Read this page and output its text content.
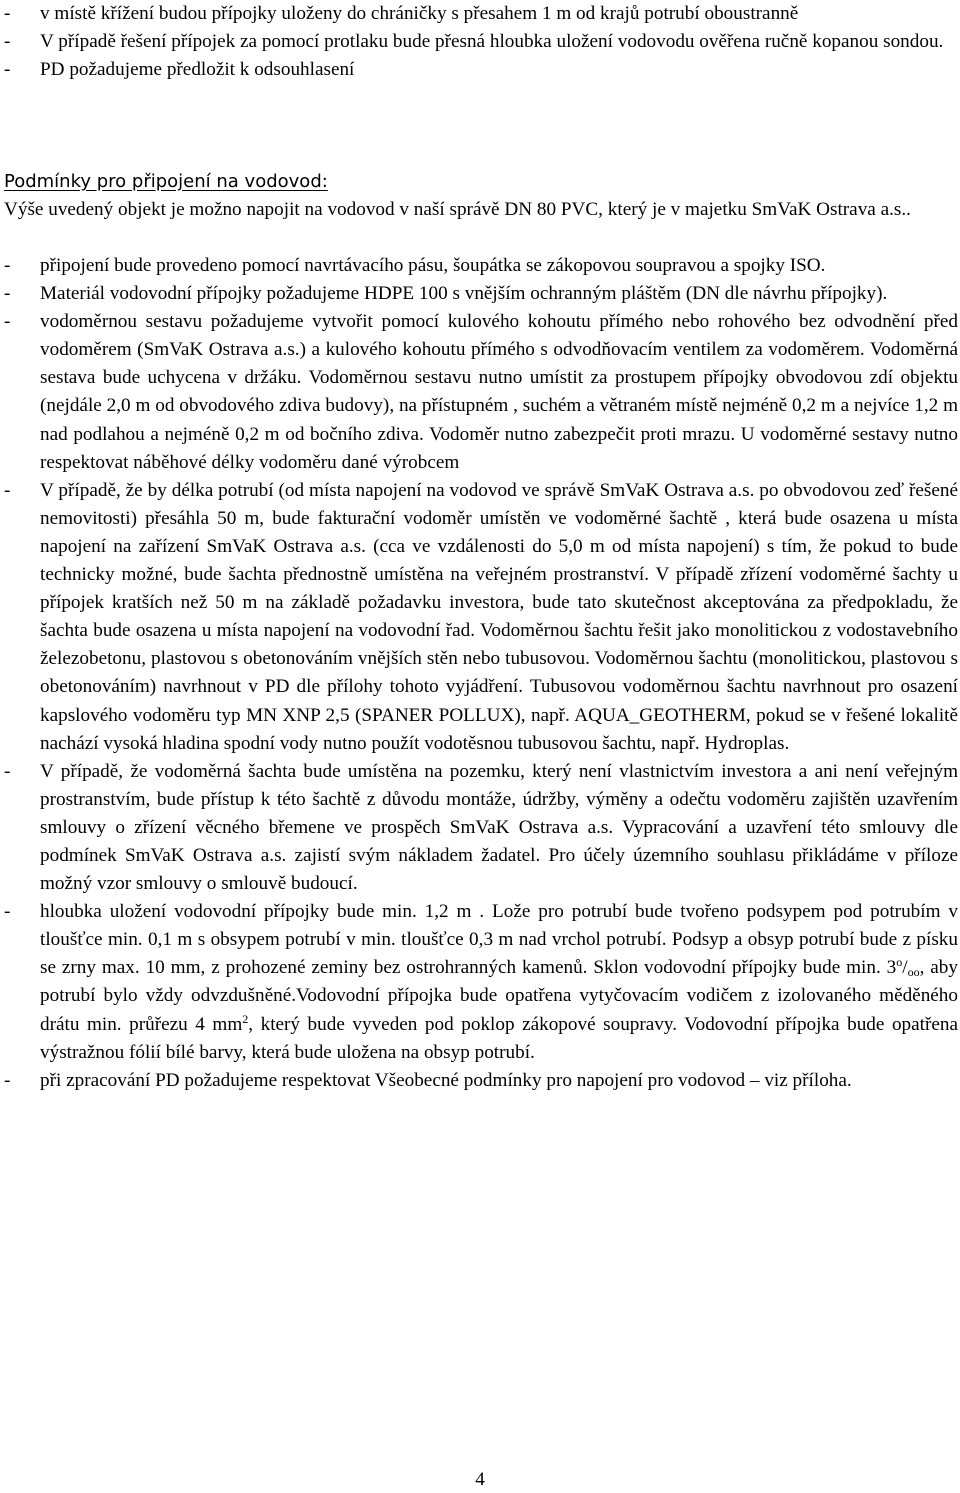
- v místě křížení budou přípojky uloženy do chráničky s přesahem 1 m od krajů potrubí oboustranně
- V případě řešení přípojek za pomocí protlaku bude přesná hloubka uložení vodovodu ověřena ručně kopanou sondou.
- PD požadujeme předložit k odsouhlasení
Podmínky pro připojení na vodovod:
Výše uvedený objekt je možno napojit na vodovod v naší správě DN 80 PVC, který je v majetku SmVaK Ostrava a.s..
- připojení bude provedeno pomocí navrtávacího pásu, šoupátka se zákopovou soupravou a spojky ISO.
- Materiál vodovodní přípojky požadujeme HDPE 100 s vnějším ochranným pláštěm (DN dle návrhu přípojky).
- vodoměrnou sestavu požadujeme vytvořit pomocí kulového kohoutu přímého nebo rohového bez odvodnění před vodoměrem (SmVaK Ostrava a.s.) a kulového kohoutu přímého s odvodňovacím ventilem za vodoměrem. Vodoměrná sestava bude uchycena v držáku. Vodoměrnou sestavu nutno umístit za prostupem přípojky obvodovou zdí objektu (nejdále 2,0 m od obvodového zdiva budovy), na přístupném , suchém a větraném místě nejméně 0,2 m a nejvíce 1,2 m nad podlahou a nejméně 0,2 m od bočního zdiva. Vodoměr nutno zabezpečit proti mrazu. U vodoměrné sestavy nutno respektovat náběhové délky vodoměru dané výrobcem
- V případě, že by délka potrubí (od místa napojení na vodovod ve správě SmVaK Ostrava a.s. po obvodovou zeď řešené nemovitosti) přesáhla 50 m, bude fakturační vodoměr umístěn ve vodoměrné šachtě , která bude osazena u místa napojení na zařízení SmVaK Ostrava a.s. (cca ve vzdálenosti do 5,0 m od místa napojení) s tím, že pokud to bude technicky možné, bude šachta přednostně umístěna na veřejném prostranství. V případě zřízení vodoměrné šachty u přípojek kratších než 50 m na základě požadavku investora, bude tato skutečnost akceptována za předpokladu, že šachta bude osazena u místa napojení na vodovodní řad. Vodoměrnou šachtu řešit jako monolitickou z vodostavebního železobetonu, plastovou s obetonováním vnějších stěn nebo tubusovou. Vodoměrnou šachtu (monolitickou, plastovou s obetonováním) navrhnout v PD dle přílohy tohoto vyjádření. Tubusovou vodoměrnou šachtu navrhnout pro osazení kapslového vodoměru typ MN XNP 2,5 (SPANER POLLUX), např. AQUA_GEOTHERM, pokud se v řešené lokalitě nachází vysoká hladina spodní vody nutno použít vodotěsnou tubusovou šachtu, např. Hydroplas.
- V případě, že vodoměrná šachta bude umístěna na pozemku, který není vlastnictvím investora a ani není veřejným prostranstvím, bude přístup k této šachtě z důvodu montáže, údržby, výměny a odečtu vodoměru zajištěn uzavřením smlouvy o zřízení věcného břemene ve prospěch SmVaK Ostrava a.s. Vypracování a uzavření této smlouvy dle podmínek SmVaK Ostrava a.s. zajistí svým nákladem žadatel. Pro účely územního souhlasu přikládáme v příloze možný vzor smlouvy o smlouvě budoucí.
- hloubka uložení vodovodní přípojky bude min. 1,2 m . Lože pro potrubí bude tvořeno podsypem pod potrubím v tloušťce min. 0,1 m s obsypem potrubí v min. tloušťce 0,3 m nad vrchol potrubí. Podsyp a obsyp potrubí bude z písku se zrny max. 10 mm, z prohozené zeminy bez ostrohranných kamenů. Sklon vodovodní přípojky bude min. $3^o/_{oo}$, aby potrubí bylo vždy odvzdušněné.Vodovodní přípojka bude opatřena vytyčovacím vodičem z izolovaného měděného drátu min. průřezu 4 $mm^2$, který bude vyveden pod poklop zákopové soupravy. Vodovodní přípojka bude opatřena výstražnou fólií bílé barvy, která bude uložena na obsyp potrubí.
- při zpracování PD požadujeme respektovat Všeobecné podmínky pro napojení pro vodovod – viz příloha.
4
